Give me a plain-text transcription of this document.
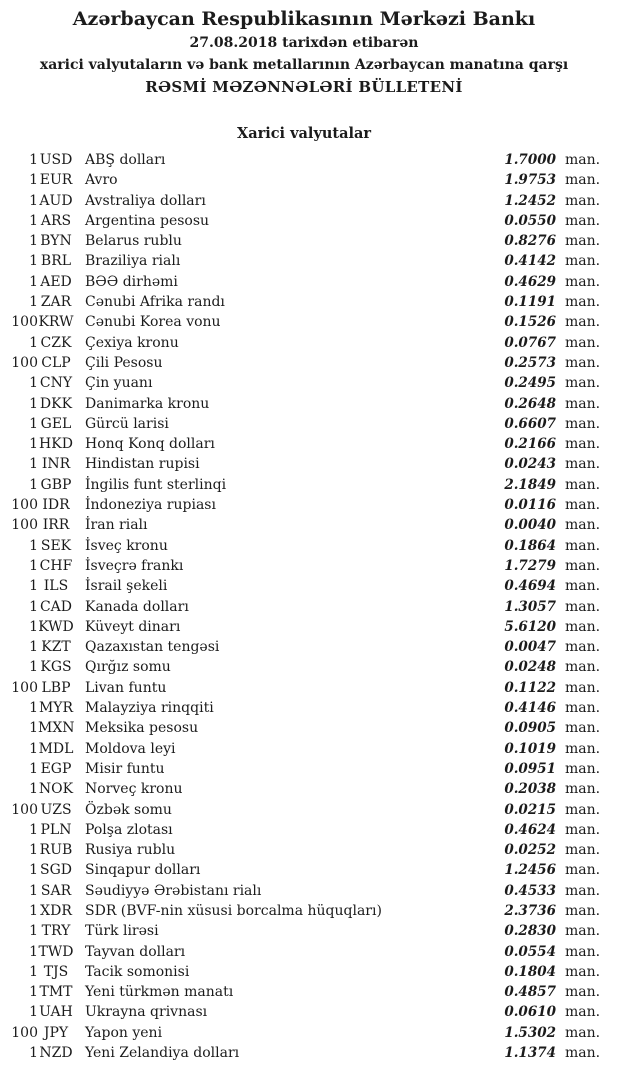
Azərbaycan Respublikasının Mərkəzi Bankı
27.08.2018 tarixdən etibarən
xarici valyutaların və bank metallarının Azərbaycan manatına qarşı
RƏSMİ MƏZƏNNƏLƏRİ BÜLLETENİ
Xarici valyutalar
1 USD ABŞ dolları	1.7000 man.
1 EUR Avro	1.9753 man.
1 AUD Avstraliya dolları	1.2452 man.
1 ARS Argentina pesosu	0.0550 man.
1 BYN Belarus rublu	0.8276 man.
1 BRL Braziliya rialı	0.4142 man.
1 AED BƏƏ dirhəmi	0.4629 man.
1 ZAR Cənubi Afrika randı	0.1191 man.
100 KRW Cənubi Korea vonu	0.1526 man.
1 CZK Çexiya kronu	0.0767 man.
100 CLP	Çili Pesosu	0.2573 man.
1 CNY Çin yuanı	0.2495 man.
1 DKK Danimarka kronu	0.2648 man.
1 GEL Gürcü larisi	0.6607 man.
1 HKD Honq Konq dolları	0.2166 man.
1 INR	Hindistan rupisi	0.0243 man.
1 GBP İngilis funt sterlinqi	2.1849 man.
100 IDR	İndoneziya rupiası	0.0116 man.
100 IRR	İran rialı	0.0040 man.
1 SEK İsveç kronu	0.1864 man.
1 CHF İsveçrə frankı	1.7279 man.
1 ILS	İsrail şekeli	0.4694 man.
1 CAD Kanada dolları	1.3057 man.
1 KWD Küveyt dinarı	5.6120 man.
1 KZT	Qazaxıstan tengəsi	0.0047 man.
1 KGS Qırğız somu	0.0248 man.
100 LBP	Livan funtu	0.1122 man.
1 MYR Malayziya rinqqiti	0.4146 man.
1 MXN Meksika pesosu	0.0905 man.
1 MDL Moldova leyi	0.1019 man.
1 EGP Misir funtu	0.0951 man.
1 NOK Norveç kronu	0.2038 man.
100 UZS Özbək somu	0.0215 man.
1 PLN Polşa zlotası	0.4624 man.
1 RUB Rusiya rublu	0.0252 man.
1 SGD Sinqapur dolları	1.2456 man.
1 SAR Səudiyyə Ərəbistanı rialı	0.4533 man.
1 XDR SDR (BVF-nin xüsusi borcalma hüquqları)	2.3736 man.
1 TRY	Türk lirəsi	0.2830 man.
1 TWD Tayvan dolları	0.0554 man.
1 TJS	Tacik somonisi	0.1804 man.
1 TMT Yeni türkmən manatı	0.4857 man.
1 UAH Ukrayna qrivnası	0.0610 man.
100 JPY	Yapon yeni	1.5302 man.
1 NZD Yeni Zelandiya dolları	1.1374 man.
